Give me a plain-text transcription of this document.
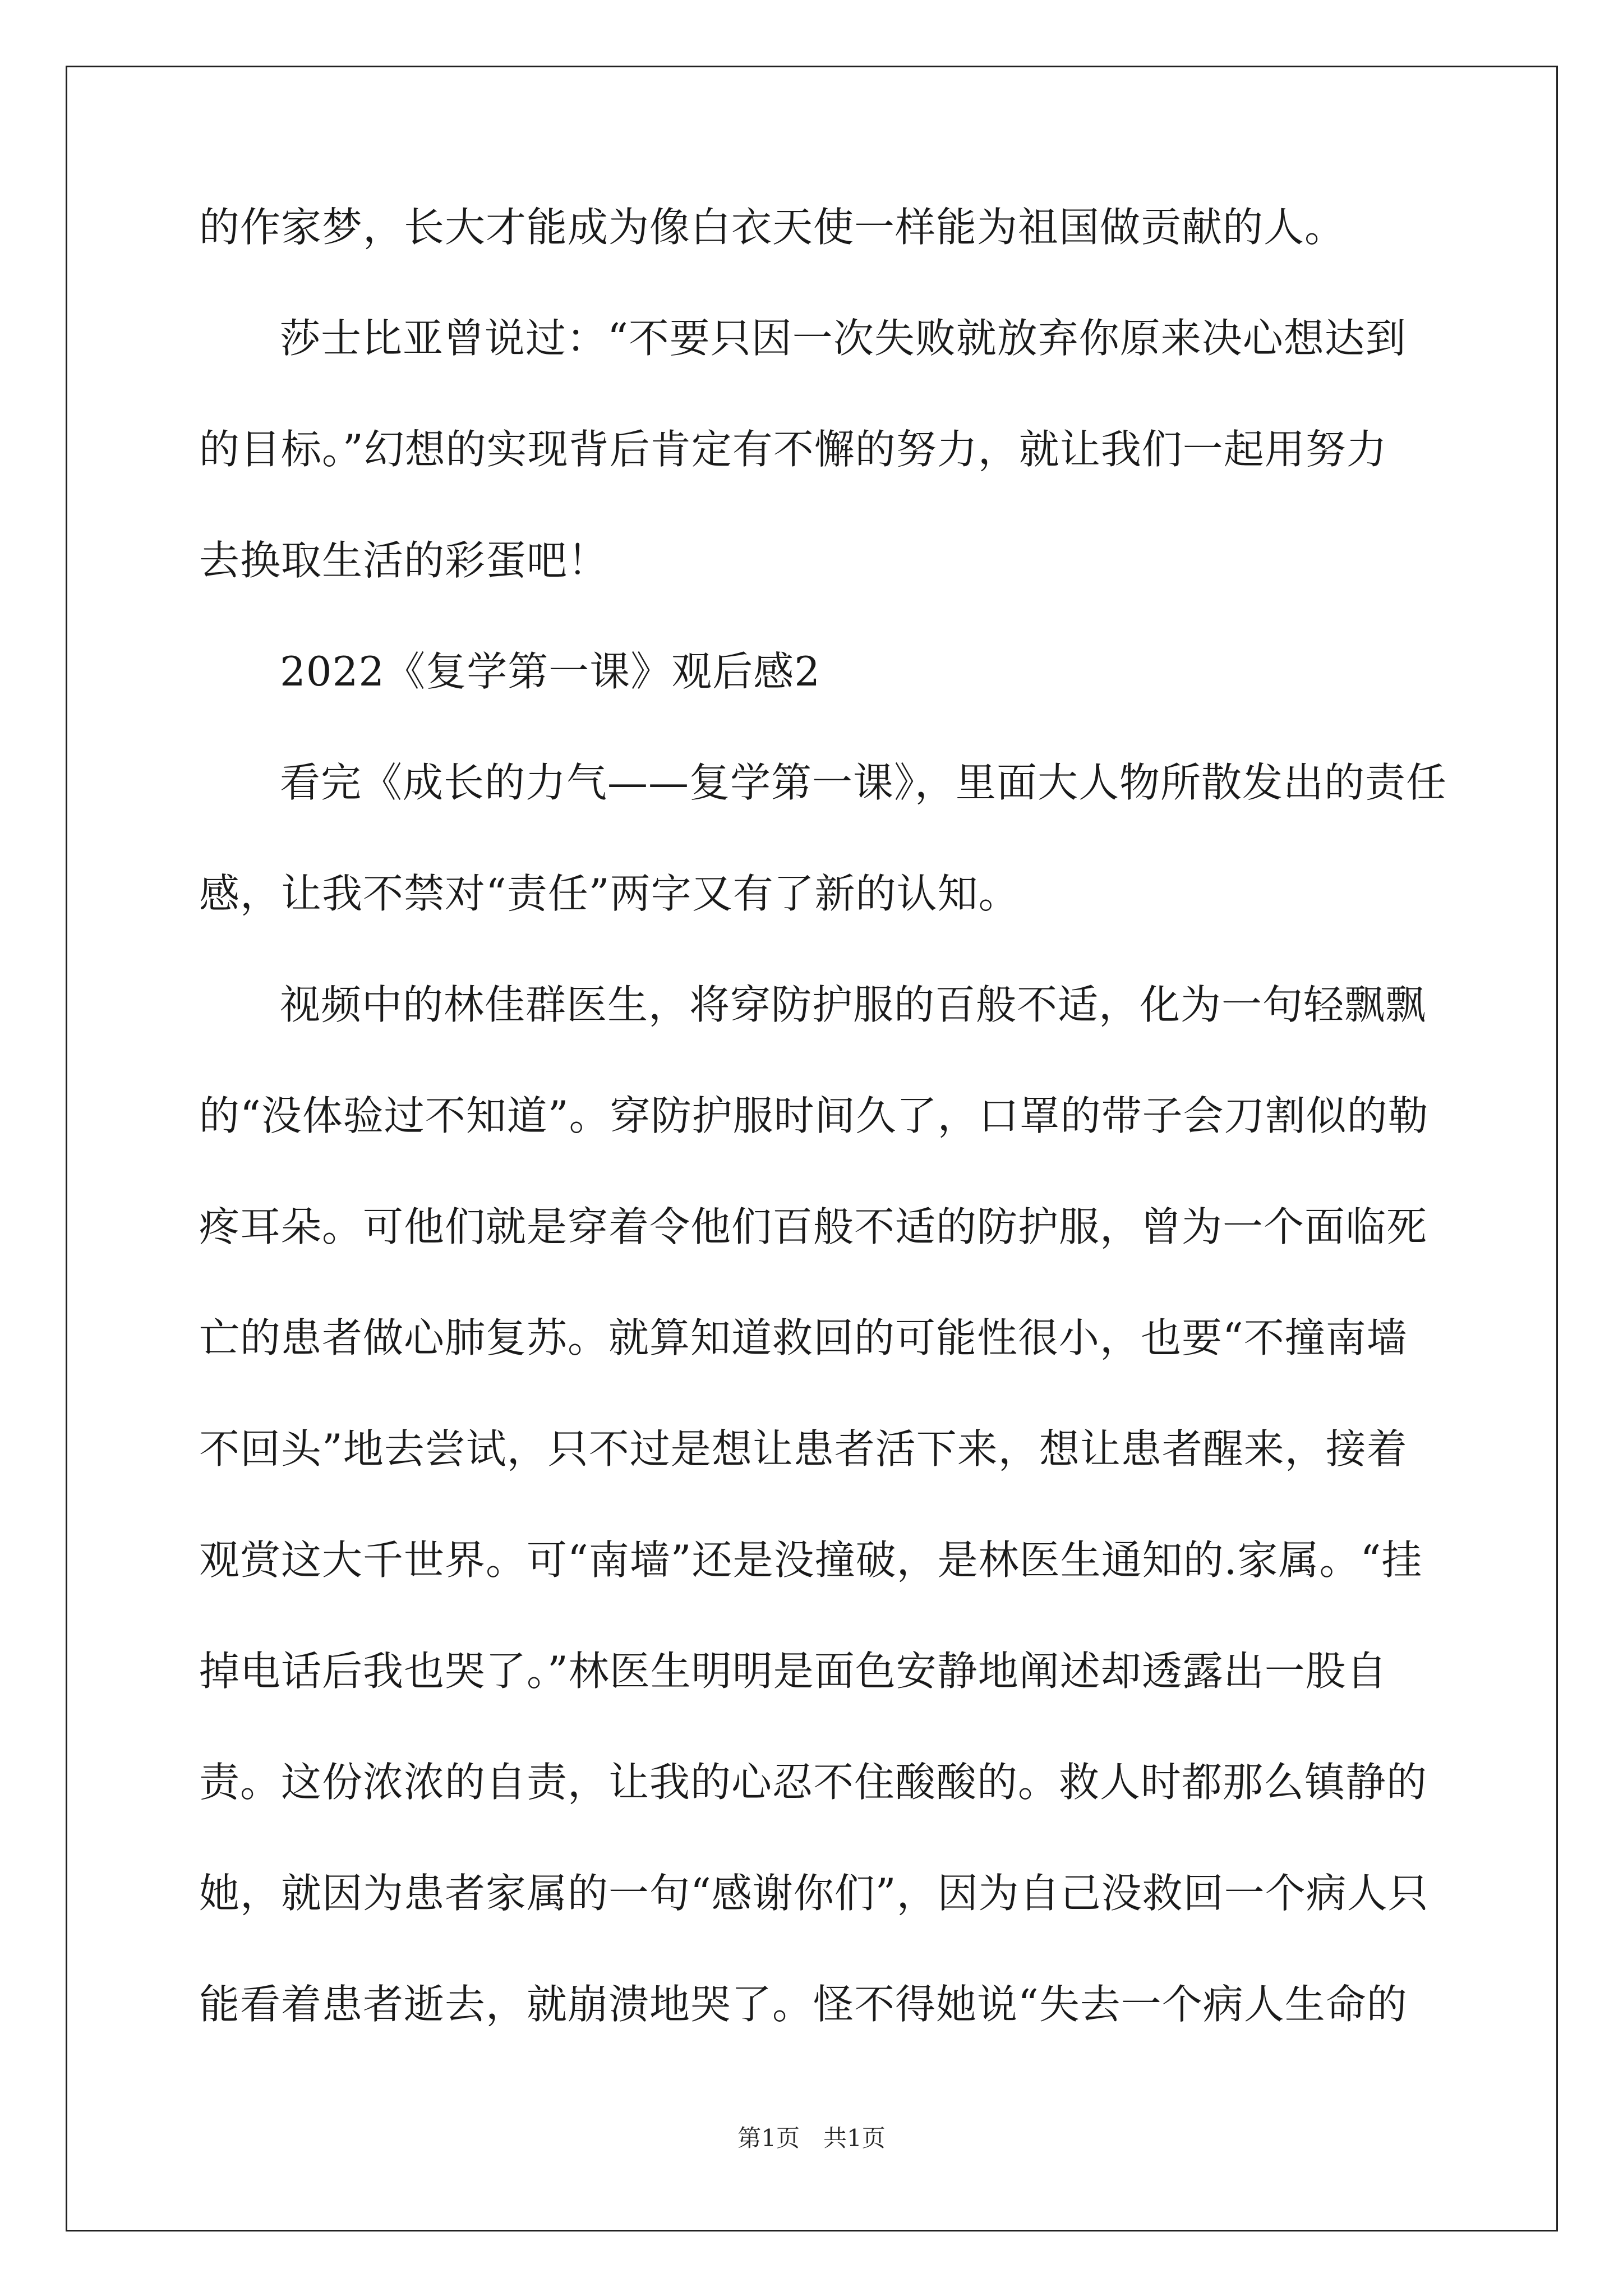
的作家梦，长大才能成为像白衣天使一样能为祖国做贡献的人。
莎士比亚曾说过：“不要只因一次失败就放弃你原来决心想达到
的目标。”幻想的实现背后肯定有不懈的努力，就让我们一起用努力
去换取生活的彩蛋吧！
2022《复学第一课》观后感2
看完《成长的力气——复学第一课》，里面大人物所散发出的责任
感，让我不禁对“责任”两字又有了新的认知。
视频中的林佳群医生，将穿防护服的百般不适，化为一句轻飘飘
的“没体验过不知道”。穿防护服时间久了，口罩的带子会刀割似的勒
疼耳朵。可他们就是穿着令他们百般不适的防护服，曾为一个面临死
亡的患者做心肺复苏。就算知道救回的可能性很小，也要“不撞南墙
不回头”地去尝试，只不过是想让患者活下来，想让患者醒来，接着
观赏这大千世界。可“南墙”还是没撞破，是林医生通知的.家属。“挂
掉电话后我也哭了。”林医生明明是面色安静地阐述却透露出一股自
责。这份浓浓的自责，让我的心忍不住酸酸的。救人时都那么镇静的
她，就因为患者家属的一句“感谢你们”，因为自己没救回一个病人只
能看着患者逝去，就崩溃地哭了。怪不得她说“失去一个病人生命的
第1页　共1页
